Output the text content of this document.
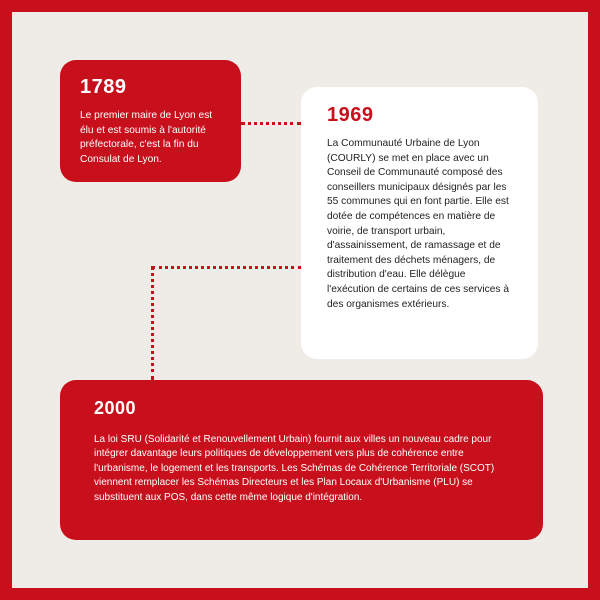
1789

Le premier maire de Lyon est élu et est soumis à l'autorité préfectorale, c'est la fin du Consulat de Lyon.

1969

La Communauté Urbaine de Lyon (COURLY) se met en place avec un Conseil de Communauté composé des conseillers municipaux désignés par les 55 communes qui en font partie. Elle est dotée de compétences en matière de voirie, de transport urbain, d'assainissement, de ramassage et de traitement des déchets ménagers, de distribution d'eau. Elle délègue l'exécution de certains de ces services à des organismes extérieurs.

2000

La loi SRU (Solidarité et Renouvellement Urbain) fournit aux villes un nouveau cadre pour intégrer davantage leurs politiques de développement vers plus de cohérence entre l'urbanisme, le logement et les transports. Les Schémas de Cohérence Territoriale (SCOT) viennent remplacer les Schémas Directeurs et les Plan Locaux d'Urbanisme (PLU) se substituent aux POS, dans cette même logique d'intégration.
